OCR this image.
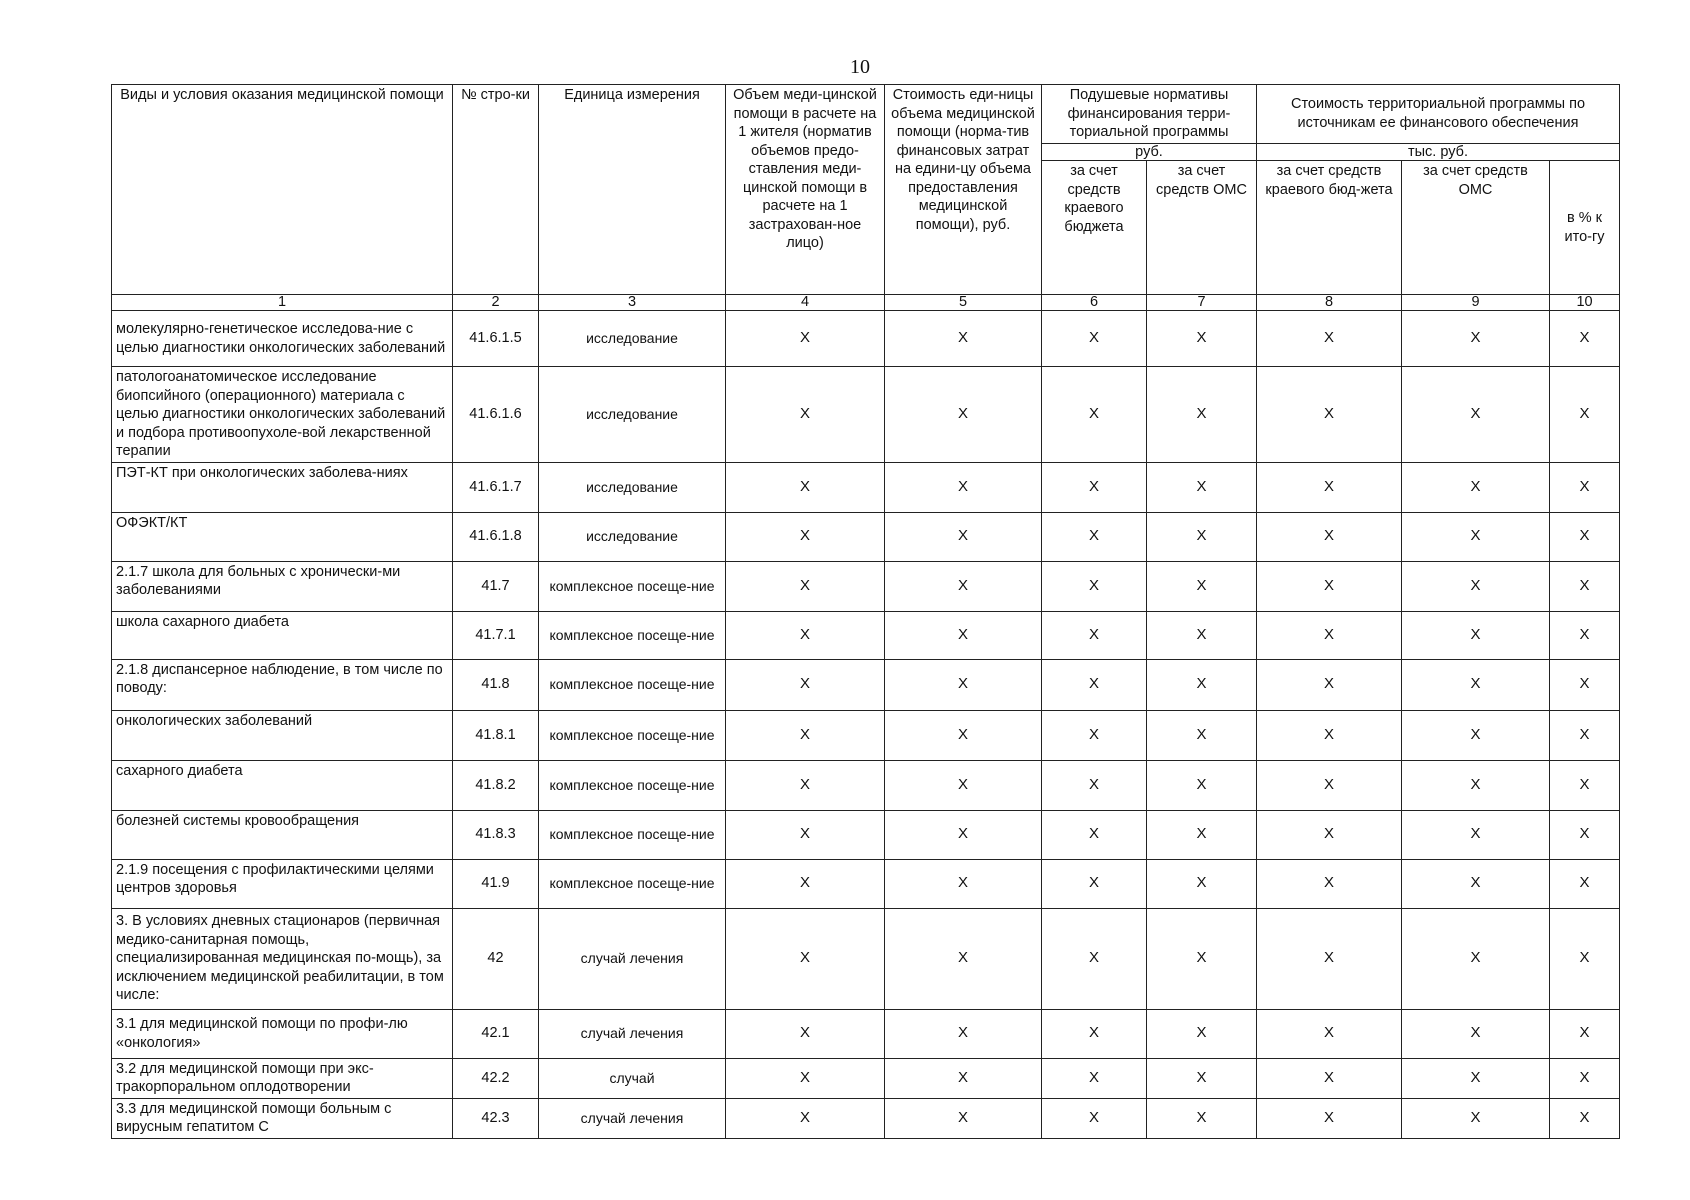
10
Виды и условия оказания медицинской помощи	№ стро-ки	Единица измерения	Объем меди-цинской помощи в расчете на 1 жителя (норматив объемов предо-ставления меди-цинской помощи в расчете на 1 застрахован-ное лицо)	Стоимость еди-ницы объема медицинской помощи (норма-тив финансовых затрат на едини-цу объема предоставления медицинской помощи), руб.	Подушевые нормативы финансирования терри-ториальной программы		Стоимость территориальной программы по источникам ее финансового обеспечения		
					руб.		тыс. руб.		
					за счет средств краевого бюджета	за счет средств ОМС	за счет средств краевого бюд-жета	за счет средств ОМС	в % к ито-гу
1	2	3	4	5	6	7	8	9	10
молекулярно-генетическое исследова-ние с целью диагностики онкологических заболеваний	41.6.1.5	исследование	X	X	X	X	X	X	X
патологоанатомическое исследование биопсийного (операционного) материала с целью диагностики онкологических заболеваний и подбора противоопухоле-вой лекарственной терапии	41.6.1.6	исследование	X	X	X	X	X	X	X
ПЭТ-КТ при онкологических заболева-ниях	41.6.1.7	исследование	X	X	X	X	X	X	X
ОФЭКТ/КТ	41.6.1.8	исследование	X	X	X	X	X	X	X
2.1.7 школа для больных с хронически-ми заболеваниями	41.7	комплексное посеще-ние	X	X	X	X	X	X	X
школа сахарного диабета	41.7.1	комплексное посеще-ние	X	X	X	X	X	X	X
2.1.8 диспансерное наблюдение, в том числе по поводу:	41.8	комплексное посеще-ние	X	X	X	X	X	X	X
онкологических заболеваний	41.8.1	комплексное посеще-ние	X	X	X	X	X	X	X
сахарного диабета	41.8.2	комплексное посеще-ние	X	X	X	X	X	X	X
болезней системы кровообращения	41.8.3	комплексное посеще-ние	X	X	X	X	X	X	X
2.1.9 посещения с профилактическими целями центров здоровья	41.9	комплексное посеще-ние	X	X	X	X	X	X	X
3. В условиях дневных стационаров (первичная медико-санитарная помощь, специализированная медицинская по-мощь), за исключением медицинской реабилитации, в том числе:	42	случай лечения	X	X	X	X	X	X	X
3.1 для медицинской помощи по профи-лю «онкология»	42.1	случай лечения	X	X	X	X	X	X	X
3.2 для медицинской помощи при экс-тракорпоральном оплодотворении	42.2	случай	X	X	X	X	X	X	X
3.3 для медицинской помощи больным с вирусным гепатитом С	42.3	случай лечения	X	X	X	X	X	X	X
